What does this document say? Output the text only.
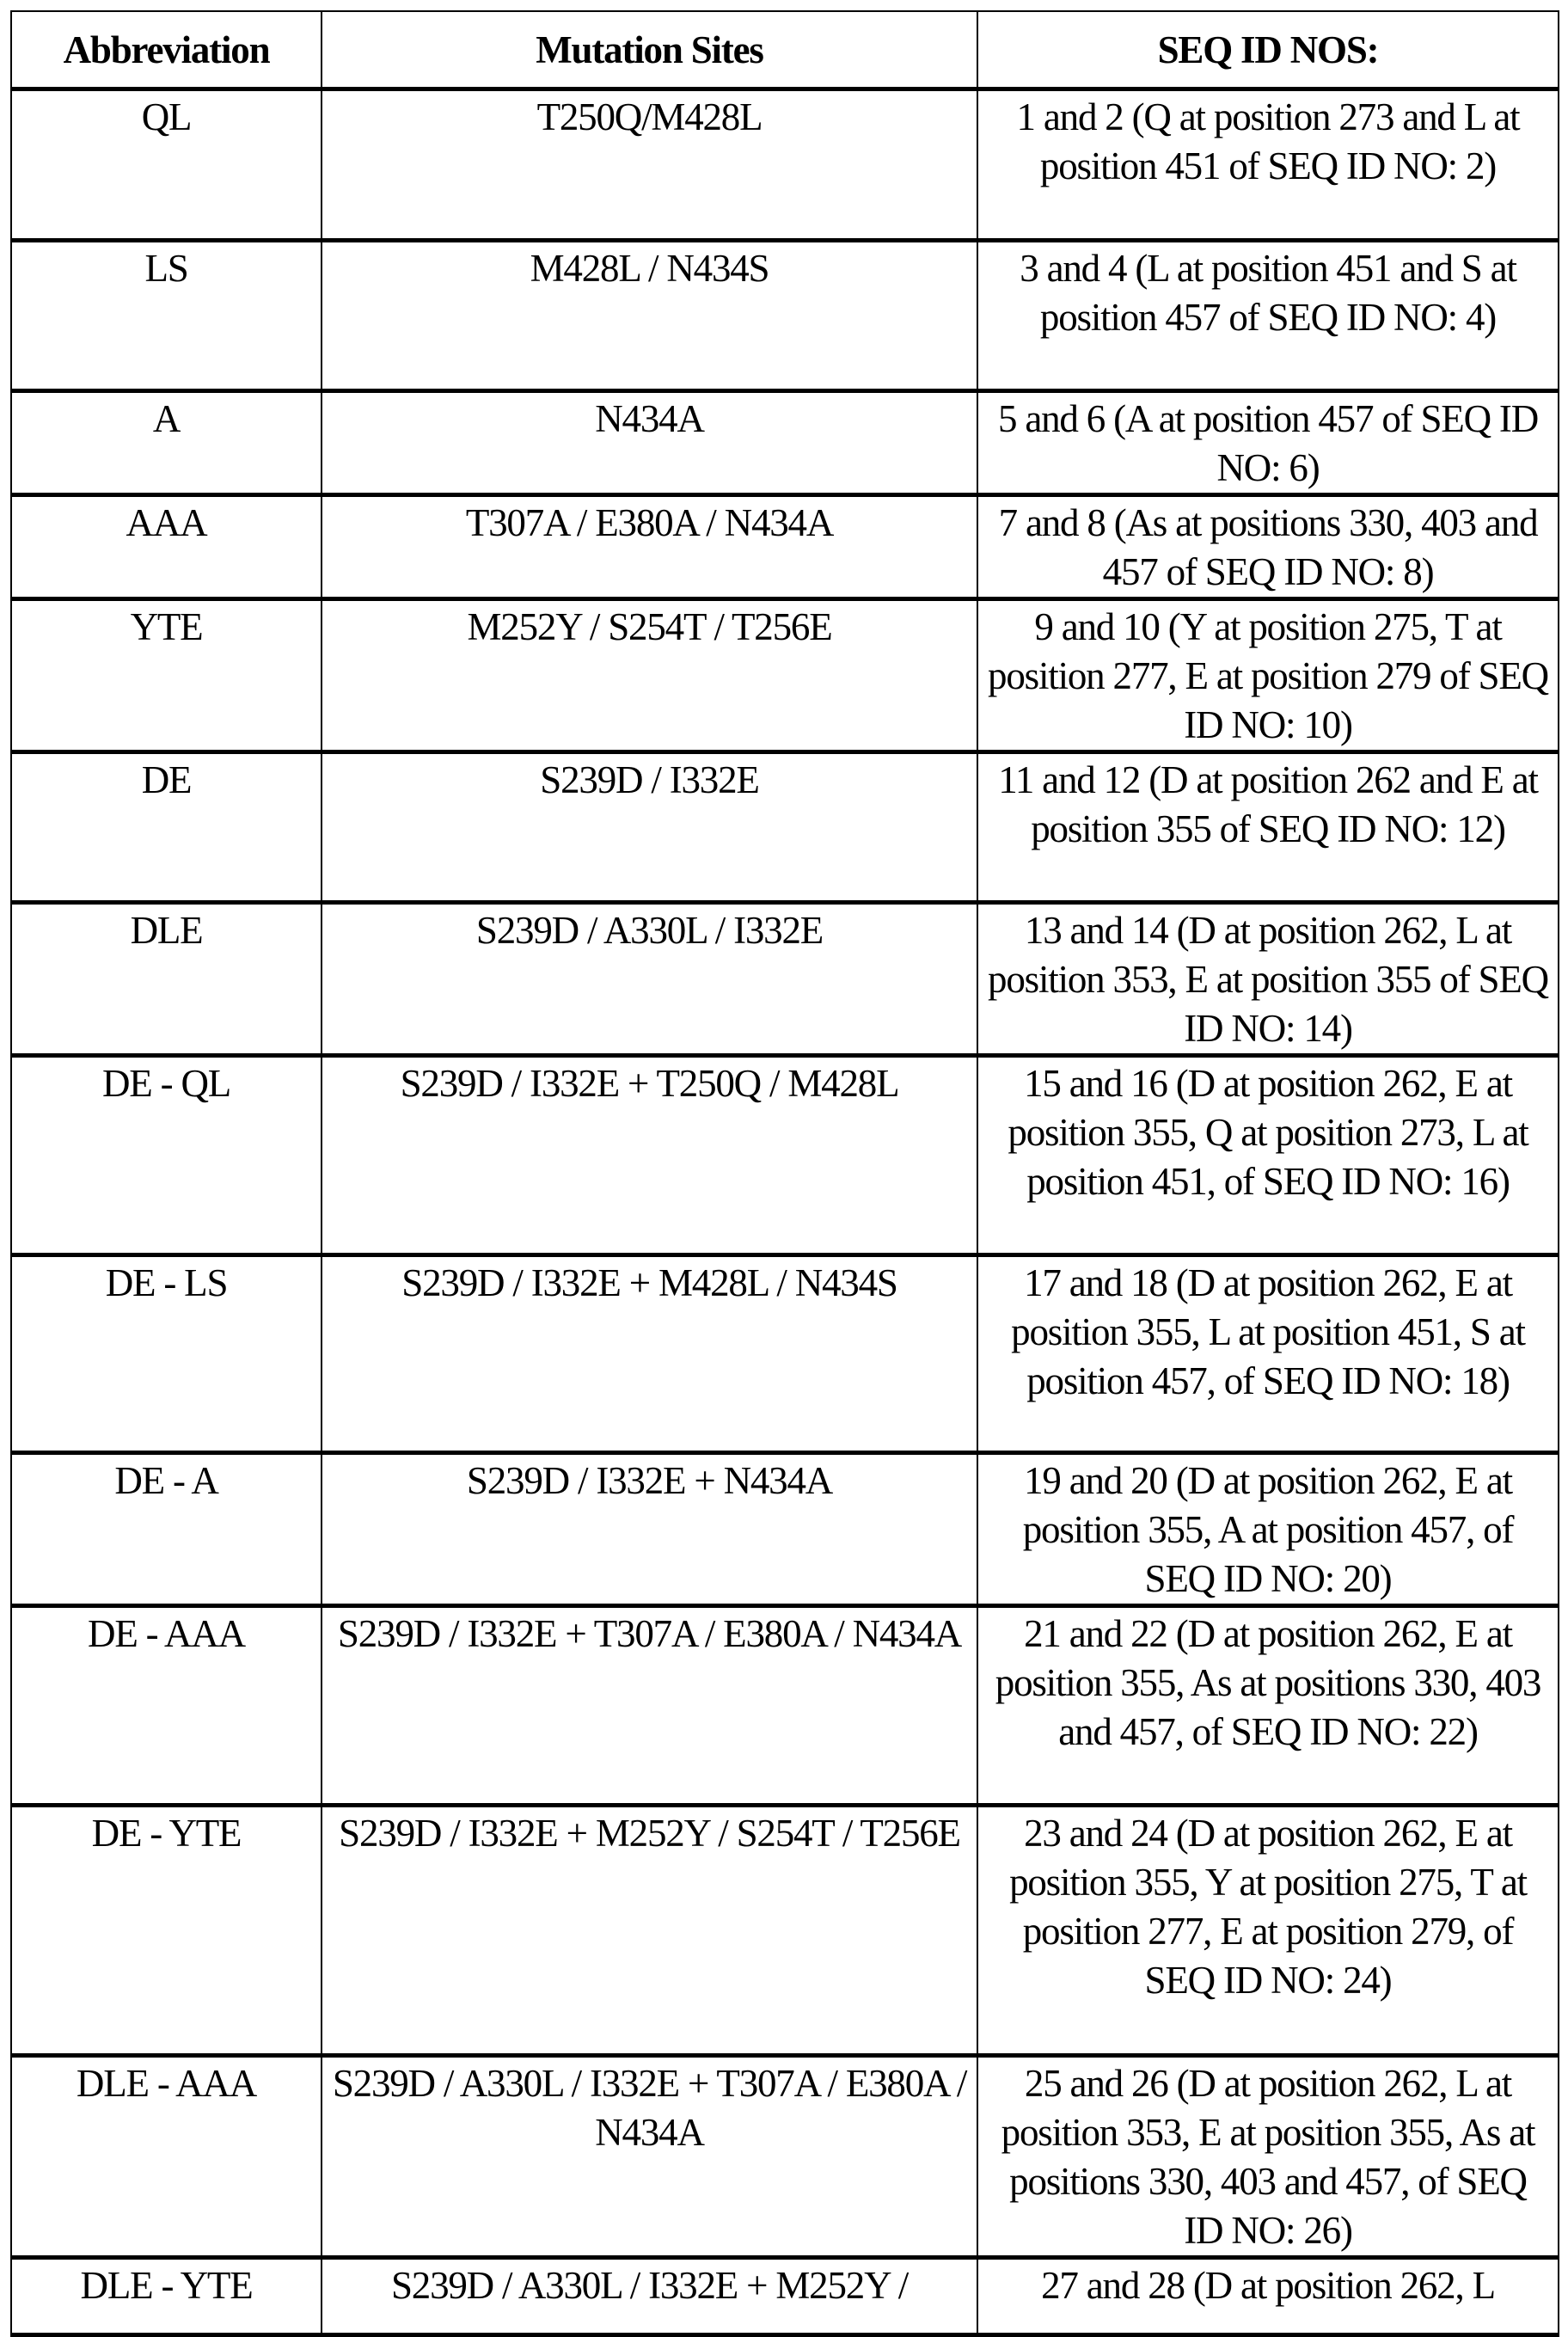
Abbreviation	Mutation Sites	SEQ ID NOS:
QL	T250Q/M428L	1 and 2 (Q at position 273 and L at position 451 of SEQ ID NO: 2)
LS	M428L / N434S	3 and 4 (L at position 451 and S at position 457 of SEQ ID NO: 4)
A	N434A	5 and 6 (A at position 457 of SEQ ID NO: 6)
AAA	T307A / E380A / N434A	7 and 8 (As at positions 330, 403 and 457 of SEQ ID NO: 8)
YTE	M252Y / S254T / T256E	9 and 10 (Y at position 275, T at position 277, E at position 279 of SEQ ID NO: 10)
DE	S239D / I332E	11 and 12 (D at position 262 and E at position 355 of SEQ ID NO: 12)
DLE	S239D / A330L / I332E	13 and 14 (D at position 262, L at position 353, E at position 355 of SEQ ID NO: 14)
DE - QL	S239D / I332E + T250Q / M428L	15 and 16 (D at position 262, E at position 355, Q at position 273, L at position 451, of SEQ ID NO: 16)
DE - LS	S239D / I332E + M428L / N434S	17 and 18 (D at position 262, E at position 355, L at position 451, S at position 457, of SEQ ID NO: 18)
DE - A	S239D / I332E + N434A	19 and 20 (D at position 262, E at position 355, A at position 457, of SEQ ID NO: 20)
DE - AAA	S239D / I332E + T307A / E380A / N434A	21 and 22 (D at position 262, E at position 355, As at positions 330, 403 and 457, of SEQ ID NO: 22)
DE - YTE	S239D / I332E + M252Y / S254T / T256E	23 and 24 (D at position 262, E at position 355, Y at position 275, T at position 277, E at position 279, of SEQ ID NO: 24)
DLE - AAA	S239D / A330L / I332E + T307A / E380A / N434A	25 and 26 (D at position 262, L at position 353, E at position 355, As at positions 330, 403 and 457, of SEQ ID NO: 26)
DLE - YTE	S239D / A330L / I332E + M252Y /	27 and 28 (D at position 262, L
